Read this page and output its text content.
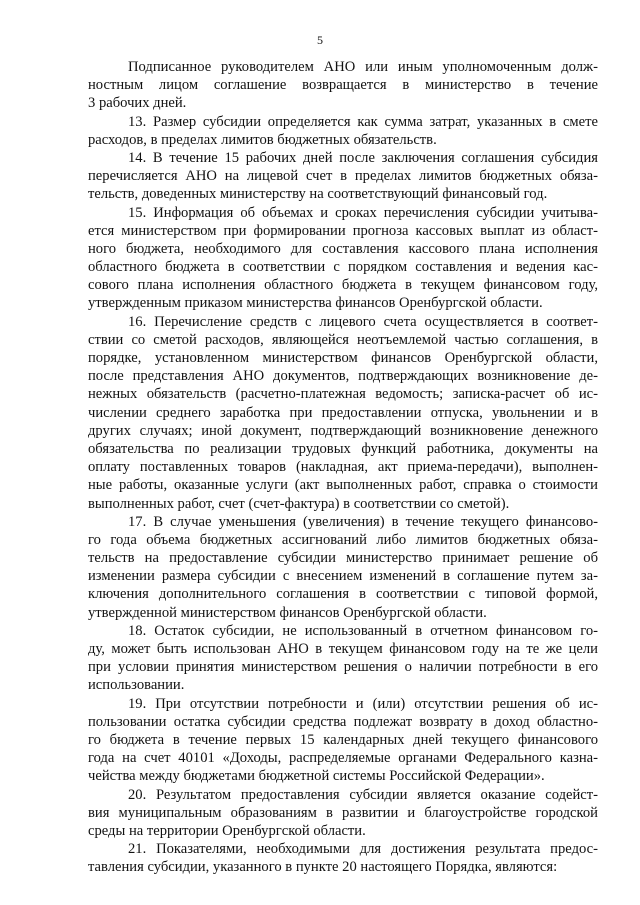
5
Подписанное руководителем АНО или иным уполномоченным долж-
ностным лицом соглашение возвращается в министерство в течение
3 рабочих дней.
13. Размер субсидии определяется как сумма затрат, указанных в смете
расходов, в пределах лимитов бюджетных обязательств.
14. В течение 15 рабочих дней после заключения соглашения субсидия
перечисляется АНО на лицевой счет в пределах лимитов бюджетных обяза-
тельств, доведенных министерству на соответствующий финансовый год.
15. Информация об объемах и сроках перечисления субсидии учитыва-
ется министерством при формировании прогноза кассовых выплат из област-
ного бюджета, необходимого для составления кассового плана исполнения
областного бюджета в соответствии с порядком составления и ведения кас-
сового плана исполнения областного бюджета в текущем финансовом году,
утвержденным приказом министерства финансов Оренбургской области.
16. Перечисление средств с лицевого счета осуществляется в соответ-
ствии со сметой расходов, являющейся неотъемлемой частью соглашения, в
порядке, установленном министерством финансов Оренбургской области,
после представления АНО документов, подтверждающих возникновение де-
нежных обязательств (расчетно-платежная ведомость; записка-расчет об ис-
числении среднего заработка при предоставлении отпуска, увольнении и в
других случаях; иной документ, подтверждающий возникновение денежного
обязательства по реализации трудовых функций работника, документы на
оплату поставленных товаров (накладная, акт приема-передачи), выполнен-
ные работы, оказанные услуги (акт выполненных работ, справка о стоимости
выполненных работ, счет (счет-фактура) в соответствии со сметой).
17. В случае уменьшения (увеличения) в течение текущего финансово-
го года объема бюджетных ассигнований либо лимитов бюджетных обяза-
тельств на предоставление субсидии министерство принимает решение об
изменении размера субсидии с внесением изменений в соглашение путем за-
ключения дополнительного соглашения в соответствии с типовой формой,
утвержденной министерством финансов Оренбургской области.
18. Остаток субсидии, не использованный в отчетном финансовом го-
ду, может быть использован АНО в текущем финансовом году на те же цели
при условии принятия министерством решения о наличии потребности в его
использовании.
19. При отсутствии потребности и (или) отсутствии решения об ис-
пользовании остатка субсидии средства подлежат возврату в доход областно-
го бюджета в течение первых 15 календарных дней текущего финансового
года на счет 40101 «Доходы, распределяемые органами Федерального казна-
чейства между бюджетами бюджетной системы Российской Федерации».
20. Результатом предоставления субсидии является оказание содейст-
вия муниципальным образованиям в развитии и благоустройстве городской
среды на территории Оренбургской области.
21. Показателями, необходимыми для достижения результата предос-
тавления субсидии, указанного в пункте 20 настоящего Порядка, являются:
